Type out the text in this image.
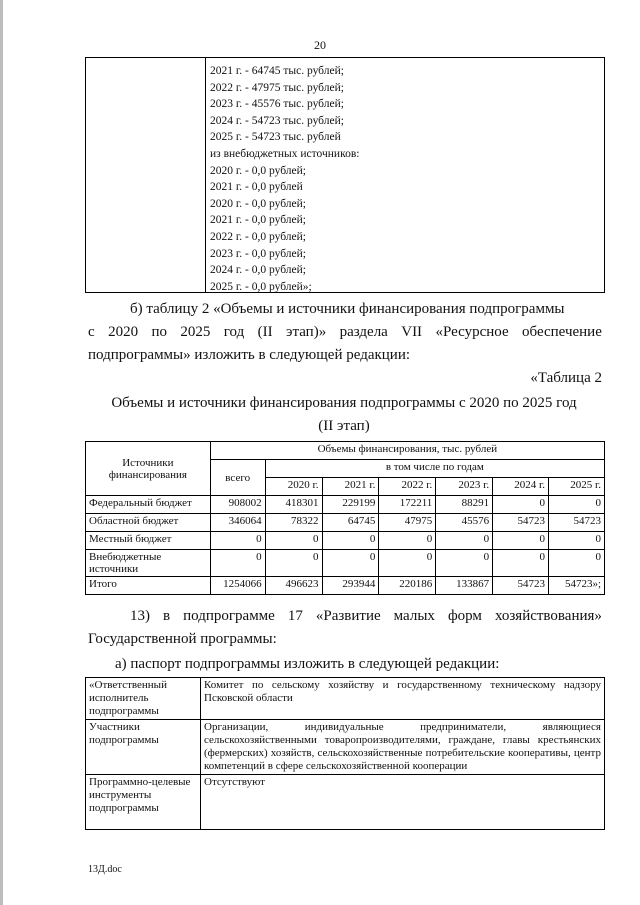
20
2021 г. - 64745 тыс. рублей;
2022 г. - 47975 тыс. рублей;
2023 г. - 45576 тыс. рублей;
2024 г. - 54723 тыс. рублей;
2025 г. - 54723 тыс. рублей
из внебюджетных источников:
2020 г. - 0,0 рублей;
2021 г. - 0,0 рублей
2020 г. - 0,0 рублей;
2021 г. - 0,0 рублей;
2022 г. - 0,0 рублей;
2023 г. - 0,0 рублей;
2024 г. - 0,0 рублей;
2025 г. - 0,0 рублей»;
б) таблицу 2 «Объемы и источники финансирования подпрограммы
с 2020 по 2025 год (II этап)» раздела VII «Ресурсное обеспечение
подпрограммы» изложить в следующей редакции:
«Таблица 2
Объемы и источники финансирования подпрограммы с 2020 по 2025 год
(II этап)
Источники финансирования	Объемы финансирования, тыс. рублей						
	всего	в том числе по годам					
		2020 г.	2021 г.	2022 г.	2023 г.	2024 г.	2025 г.
Федеральный бюджет	908002	418301	229199	172211	88291	0	0
Областной бюджет	346064	78322	64745	47975	45576	54723	54723
Местный бюджет	0	0	0	0	0	0	0
Внебюджетные источники	0	0	0	0	0	0	0
Итого	1254066	496623	293944	220186	133867	54723	54723»;
13) в подпрограмме 17 «Развитие малых форм хозяйствования»
Государственной программы:
а) паспорт подпрограммы изложить в следующей редакции:
«Ответственный исполнитель подпрограммы	Комитет по сельскому хозяйству и государственному техническому надзору Псковской области
Участники подпрограммы	Организации, индивидуальные предприниматели, являющиеся сельскохозяйственными товаропроизводителями, граждане, главы крестьянских (фермерских) хозяйств, сельскохозяйственные потребительские кооперативы, центр компетенций в сфере сельскохозяйственной кооперации
Программно-целевые инструменты подпрограммы	Отсутствуют
13Д.doc
